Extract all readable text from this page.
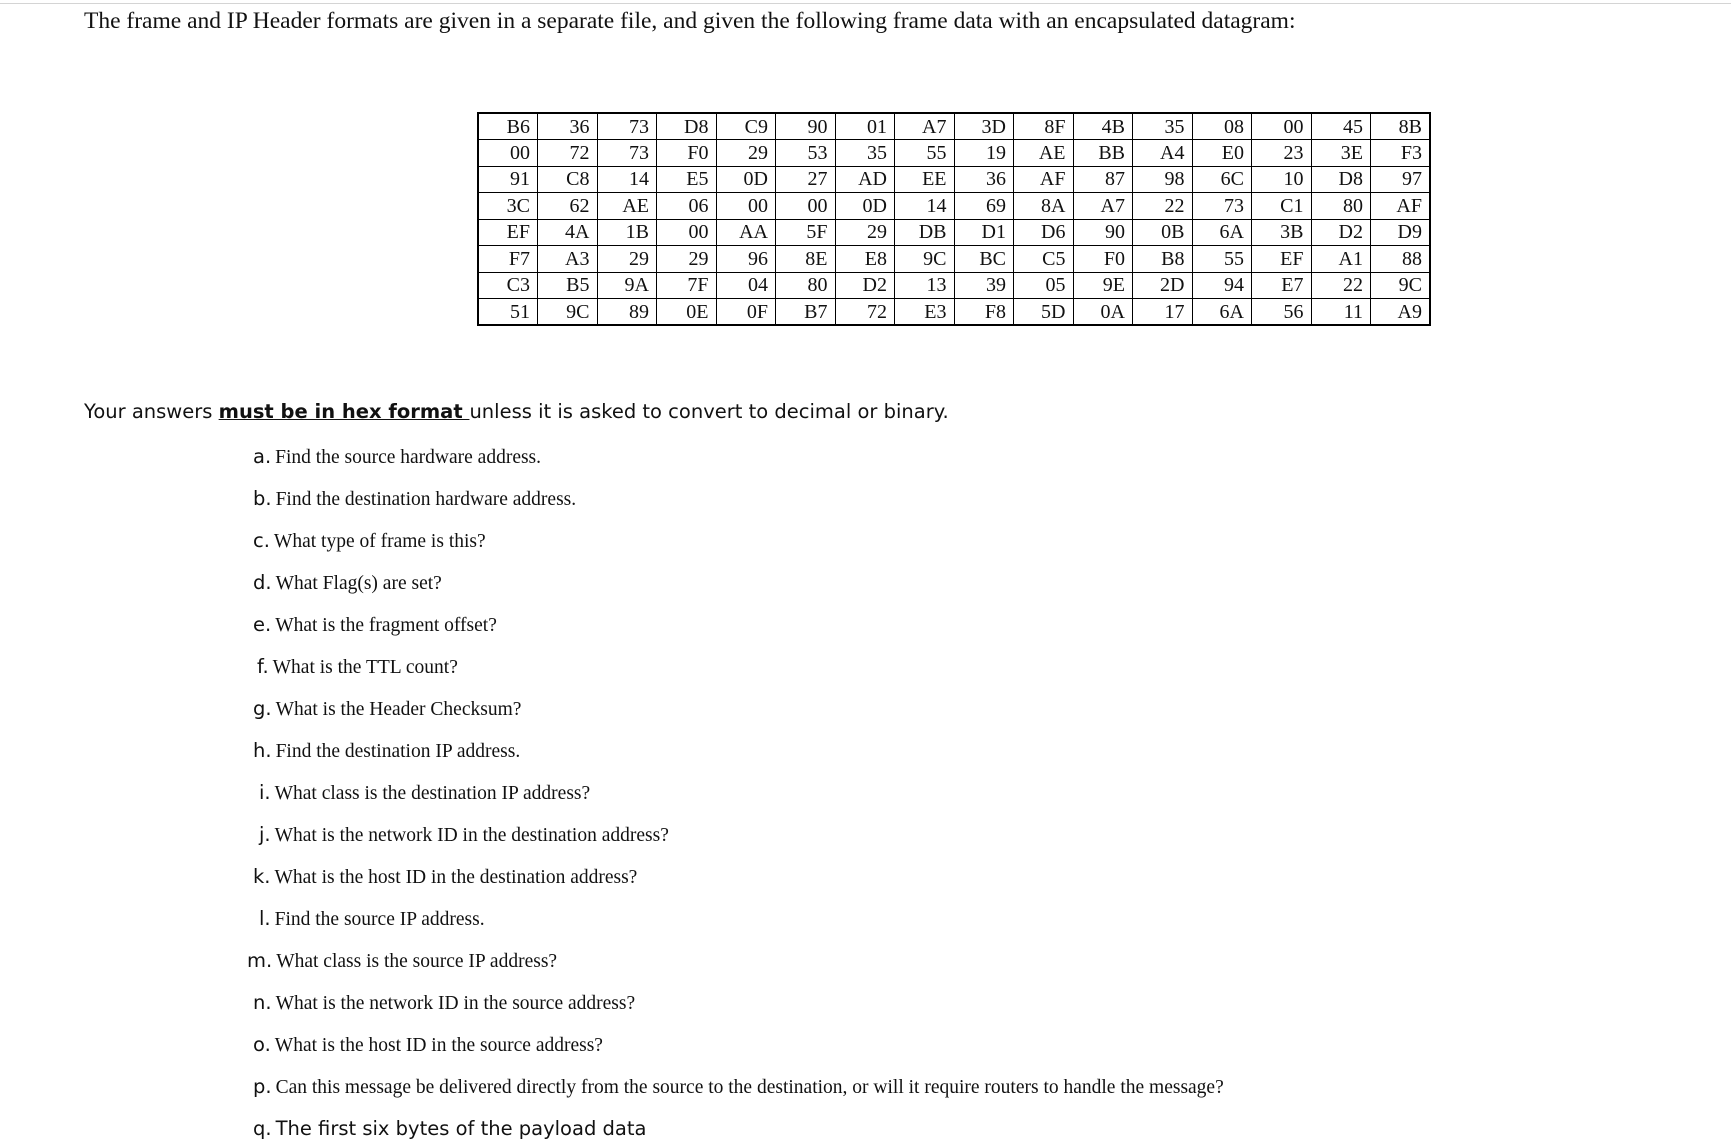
The frame and IP Header formats are given in a separate file, and given the following frame data with an encapsulated datagram:

B6	36	73	D8	C9	90	01	A7	3D	8F	4B	35	08	00	45	8B
00	72	73	F0	29	53	35	55	19	AE	BB	A4	E0	23	3E	F3
91	C8	14	E5	0D	27	AD	EE	36	AF	87	98	6C	10	D8	97
3C	62	AE	06	00	00	0D	14	69	8A	A7	22	73	C1	80	AF
EF	4A	1B	00	AA	5F	29	DB	D1	D6	90	0B	6A	3B	D2	D9
F7	A3	29	29	96	8E	E8	9C	BC	C5	F0	B8	55	EF	A1	88
C3	B5	9A	7F	04	80	D2	13	39	05	9E	2D	94	E7	22	9C
51	9C	89	0E	0F	B7	72	E3	F8	5D	0A	17	6A	56	11	A9

Your answers must be in hex format unless it is asked to convert to decimal or binary.

a. Find the source hardware address.
b. Find the destination hardware address.
c. What type of frame is this?
d. What Flag(s) are set?
e. What is the fragment offset?
f. What is the TTL count?
g. What is the Header Checksum?
h. Find the destination IP address.
i. What class is the destination IP address?
j. What is the network ID in the destination address?
k. What is the host ID in the destination address?
l. Find the source IP address.
m. What class is the source IP address?
n. What is the network ID in the source address?
o. What is the host ID in the source address?
p. Can this message be delivered directly from the source to the destination, or will it require routers to handle the message?
q. The first six bytes of the payload data
